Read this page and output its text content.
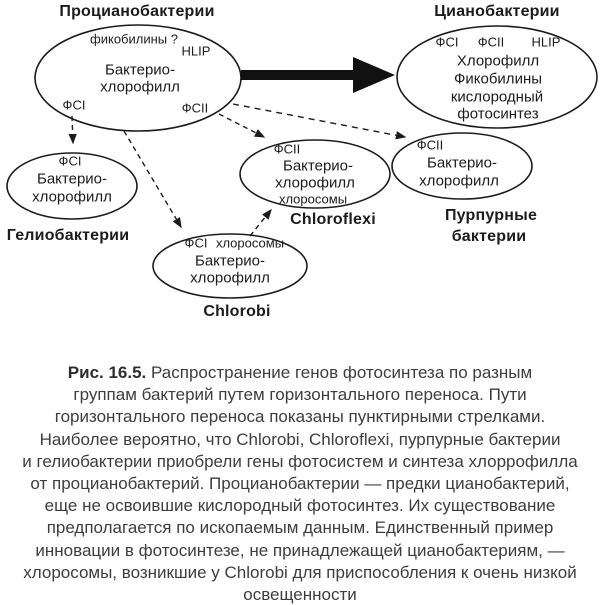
Процианобактерии	Цианобактерии
фикобилины ?
HLIP
Бактерио-
хлорофилл
ФСI	ФСII
ФСI ФСII HLIP
Хлорофилл
Фикобилины
кислородный
фотосинтез
ФСI
Бактерио-
хлорофилл
Гелиобактерии
ФСII
Бактерио-
хлорофилл
хлоросомы
Chloroflexi
ФСII
Бактерио-
хлорофилл
Пурпурные
бактерии
ФСI хлоросомы
Бактерио-
хлорофилл
Chlorobi
Рис. 16.5. Распространение генов фотосинтеза по разным
группам бактерий путем горизонтального переноса. Пути
горизонтального переноса показаны пунктирными стрелками.
Наиболее вероятно, что Chlorobi, Chloroflexi, пурпурные бактерии
и гелиобактерии приобрели гены фотосистем и синтеза хлоррофилла
от процианобактерий. Процианобактерии — предки цианобактерий,
еще не освоившие кислородный фотосинтез. Их существование
предполагается по ископаемым данным. Единственный пример
инновации в фотосинтезе, не принадлежащей цианобактериям, —
хлоросомы, возникшие у Chlorobi для приспособления к очень низкой
освещенности
